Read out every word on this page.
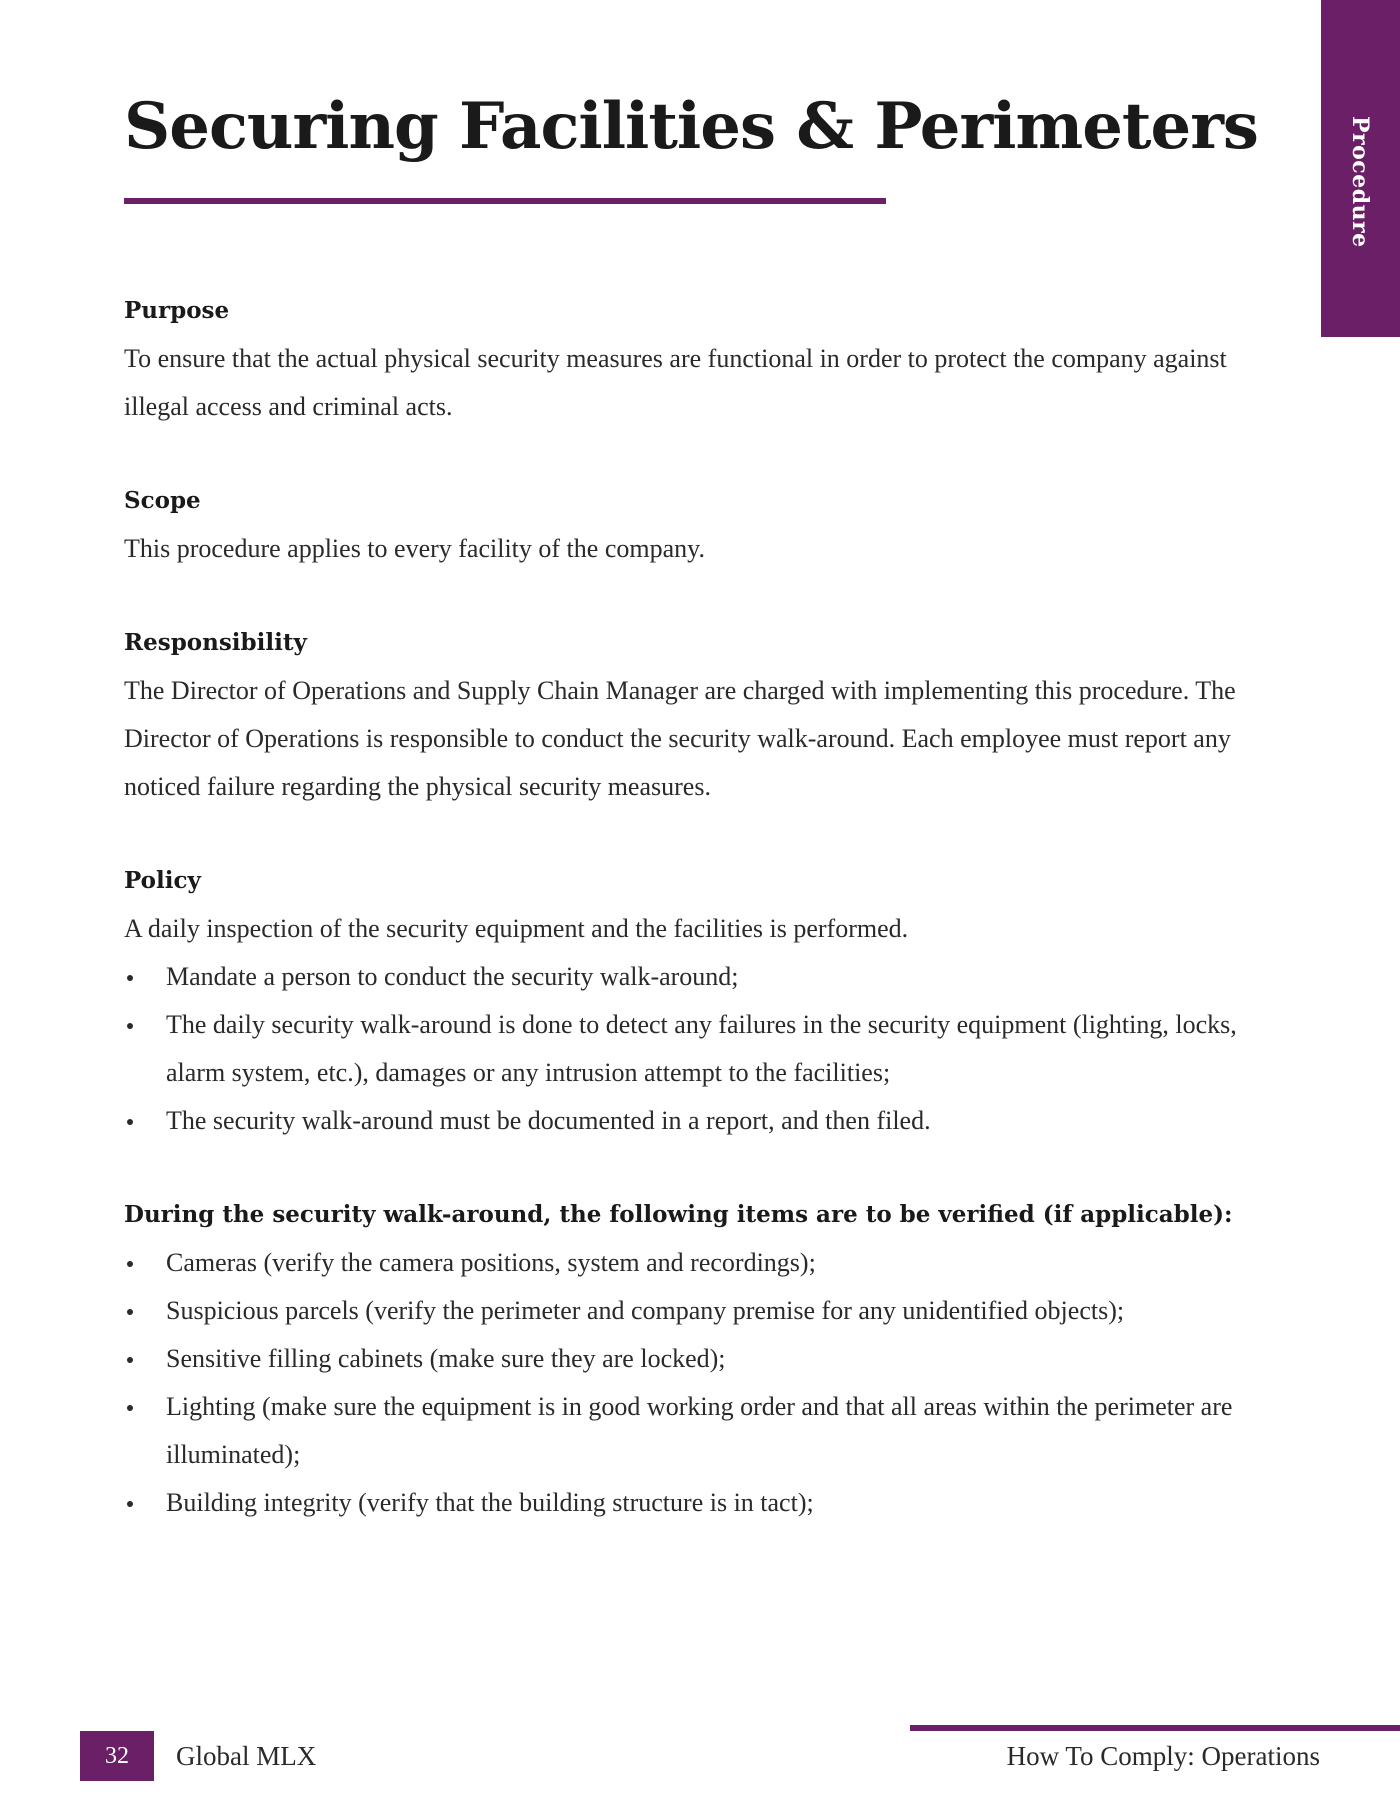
Procedure
Securing Facilities & Perimeters
Purpose

To ensure that the actual physical security measures are functional in order to protect the company against illegal access and criminal acts.

Scope

This procedure applies to every facility of the company.

Responsibility

The Director of Operations and Supply Chain Manager are charged with implementing this procedure. The Director of Operations is responsible to conduct the security walk-around. Each employee must report any noticed failure regarding the physical security measures.

Policy

A daily inspection of the security equipment and the facilities is performed.

Mandate a person to conduct the security walk-around;
The daily security walk-around is done to detect any failures in the security equipment (lighting, locks, alarm system, etc.), damages or any intrusion attempt to the facilities;
The security walk-around must be documented in a report, and then filed.
During the security walk-around, the following items are to be verified (if applicable):
Cameras (verify the camera positions, system and recordings);
Suspicious parcels (verify the perimeter and company premise for any unidentified objects);
Sensitive filling cabinets (make sure they are locked);
Lighting (make sure the equipment is in good working order and that all areas within the perimeter are illuminated);
Building integrity (verify that the building structure is in tact);
32	Global MLX	How To Comply: Operations
